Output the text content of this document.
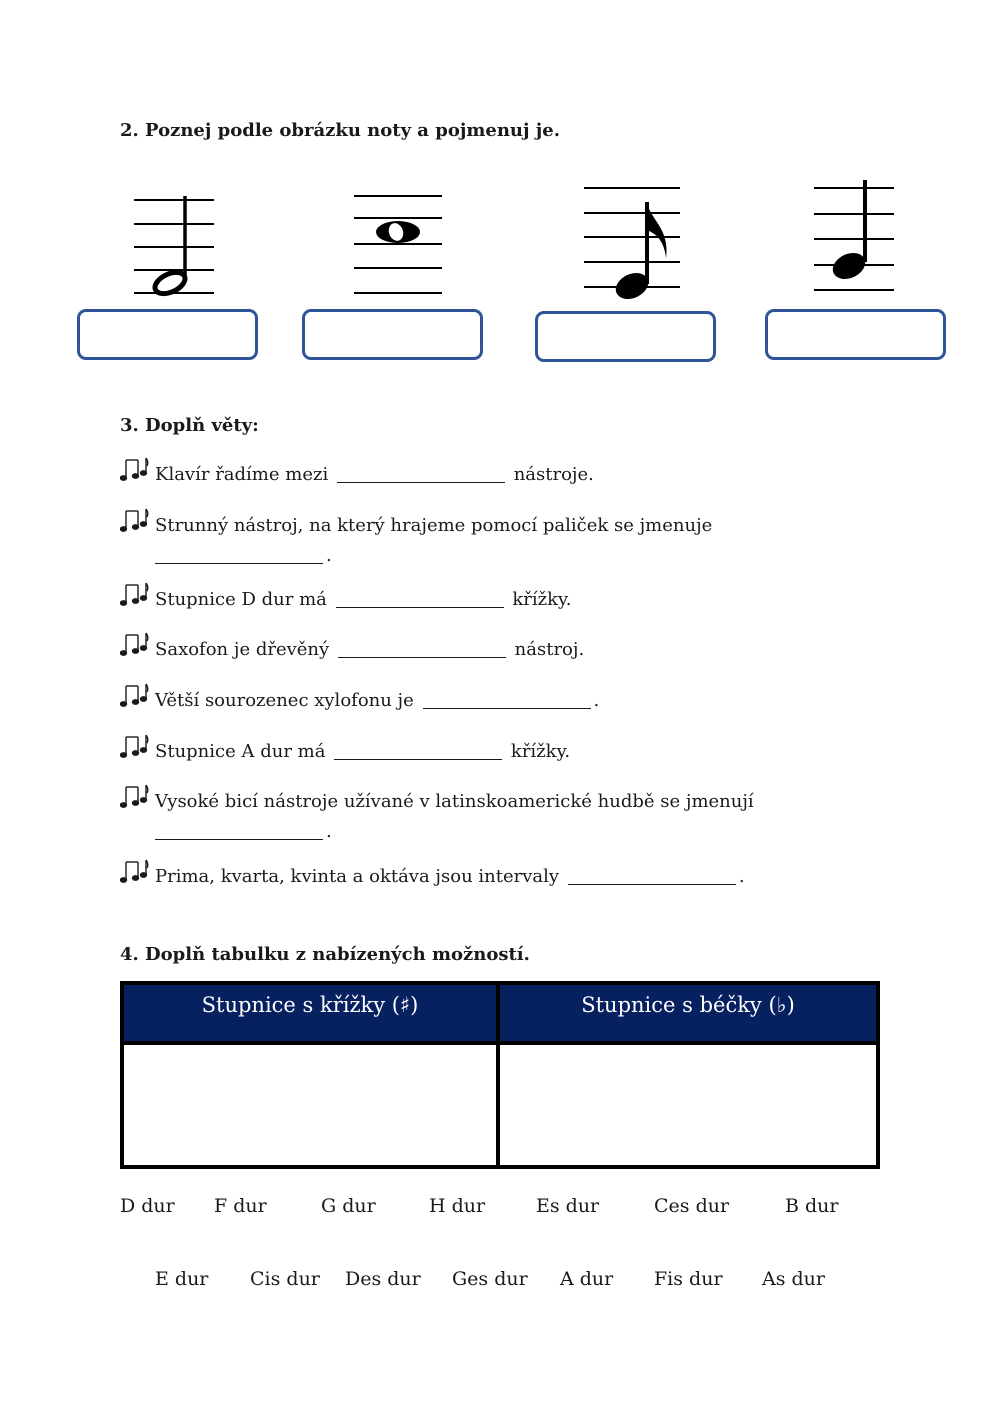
2. Poznej podle obrázku noty a pojmenuj je.
3. Doplň věty:
Klavír řadíme mezi	nástroje.
Strunný nástroj, na který hrajeme pomocí paliček se jmenuje
.
Stupnice D dur má	křížky.
Saxofon je dřevěný	nástroj.
Větší sourozenec xylofonu je	.
Stupnice A dur má	křížky.
Vysoké bicí nástroje užívané v latinskoamerické hudbě se jmenují
.
Prima, kvarta, kvinta a oktáva jsou intervaly	.
4. Doplň tabulku z nabízených možností.
Stupnice s křížky (♯)	Stupnice s béčky (♭)
D dur F dur	G dur	H dur	Es dur	Ces dur	B dur
E dur Cis dur Des dur Ges dur A dur Fis dur As dur
